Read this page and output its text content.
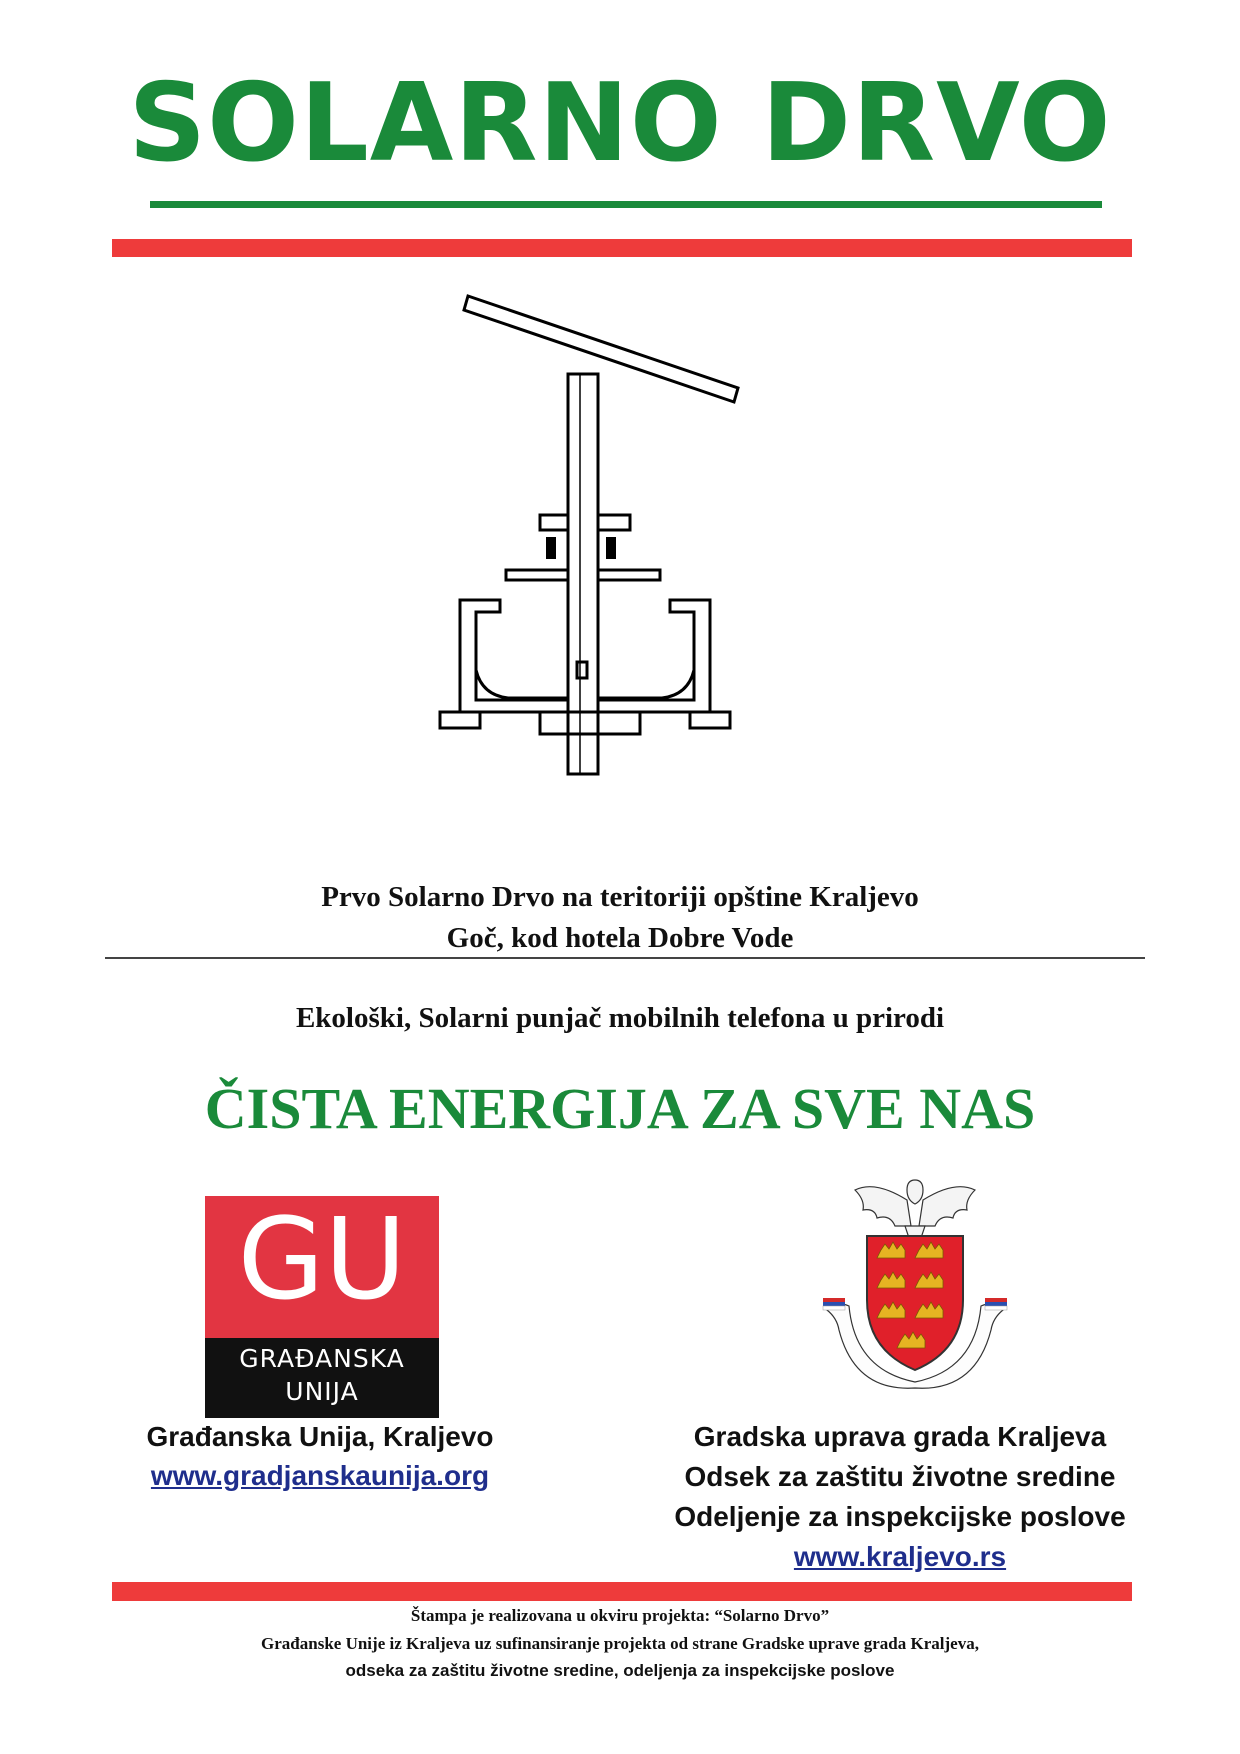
SOLARNO DRVO
Prvo Solarno Drvo na teritoriji opštine Kraljevo
Goč, kod hotela Dobre Vode
Ekološki, Solarni punjač mobilnih telefona u prirodi
ČISTA ENERGIJA ZA SVE NAS
GU
GRAĐANSKA
UNIJA
Građanska Unija, Kraljevo
www.gradjanskaunija.org
Gradska uprava grada Kraljeva
Odsek za zaštitu životne sredine
Odeljenje za inspekcijske poslove
www.kraljevo.rs
Štampa je realizovana u okviru projekta: “Solarno Drvo”
Građanske Unije iz Kraljeva uz sufinansiranje projekta od strane Gradske uprave grada Kraljeva,
odseka za zaštitu životne sredine, odeljenja za inspekcijske poslove
